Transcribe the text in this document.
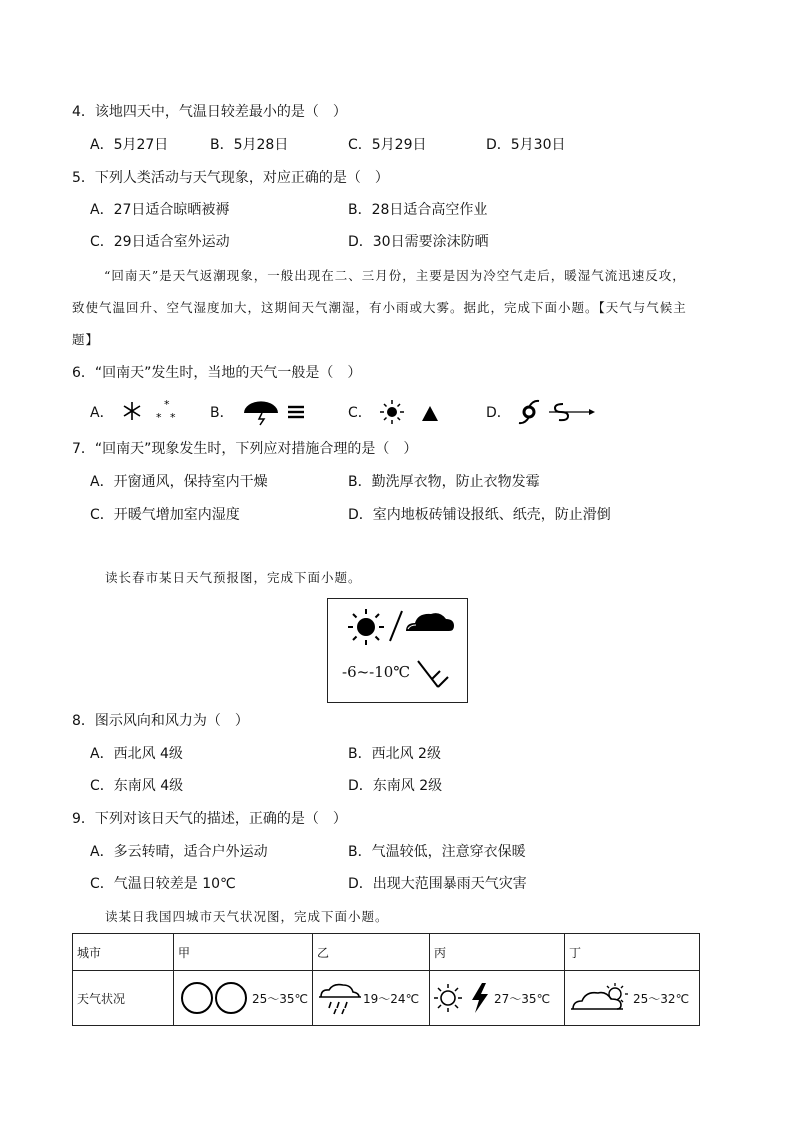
4．该地四天中，气温日较差最小的是（　）
A．5月27日	B．5月28日	C．5月29日	D．5月30日
5．下列人类活动与天气现象，对应正确的是（　）
A．27日适合晾晒被褥	B．28日适合高空作业
C．29日适合室外运动	D．30日需要涂沫防晒
“回南天”是天气返潮现象，一般出现在二、三月份，主要是因为冷空气走后，暖湿气流迅速反攻，
致使气温回升、空气湿度加大，这期间天气潮湿，有小雨或大雾。据此，完成下面小题。【天气与气候主
题】
6．“回南天”发生时，当地的天气一般是（　）
A．
*
* * B．	C．	D．
7．“回南天”现象发生时，下列应对措施合理的是（　）
A．开窗通风，保持室内干燥	B．勤洗厚衣物，防止衣物发霉
C．开暖气增加室内湿度	D．室内地板砖铺设报纸、纸壳，防止滑倒
读长春市某日天气预报图，完成下面小题。
-6~-10℃
8．图示风向和风力为（　）
A．西北风 4级	B．西北风 2级
C．东南风 4级	D．东南风 2级
9．下列对该日天气的描述，正确的是（　）
A．多云转晴，适合户外运动	B．气温较低，注意穿衣保暖
C．气温日较差是 10℃	D．出现大范围暴雨天气灾害
读某日我国四城市天气状况图，完成下面小题。
城市	甲	乙	丙	丁
天气状况	25～35℃	19～24℃	27～35℃	25～32℃
